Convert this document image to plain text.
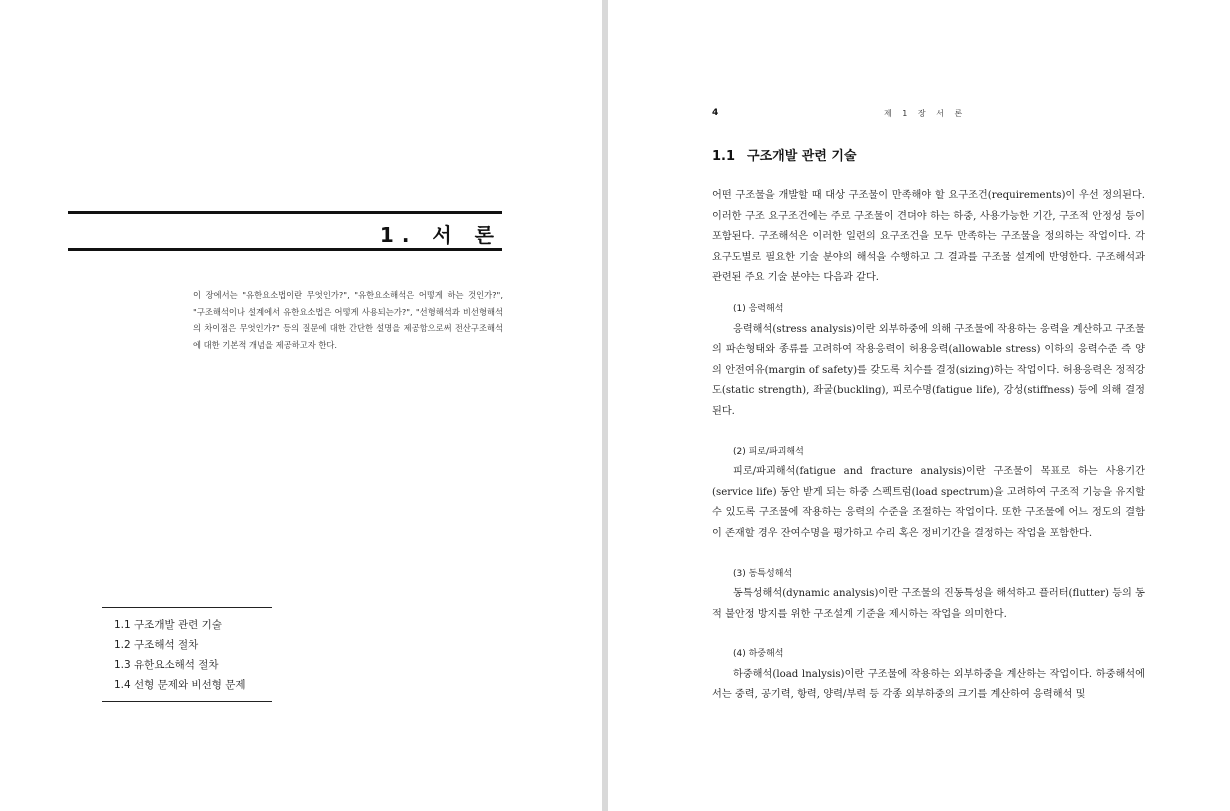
1. 서 론

이 장에서는 "유한요소법이란 무엇인가?", "유한요소해석은 어떻게 하는 것인가?", "구조해석이나 설계에서 유한요소법은 어떻게 사용되는가?", "선형해석과 비선형해석의 차이점은 무엇인가?" 등의 질문에 대한 간단한 설명을 제공함으로써 전산구조해석에 대한 기본적 개념을 제공하고자 한다.

1.1 구조개발 관련 기술
1.2 구조해석 절차
1.3 유한요소해석 절차
1.4 선형 문제와 비선형 문제
4	제 1 장 서 론
1.1 구조개발 관련 기술

어떤 구조물을 개발할 때 대상 구조물이 만족해야 할 요구조건(requirements)이 우선 정의된다. 이러한 구조 요구조건에는 주로 구조물이 견뎌야 하는 하중, 사용가능한 기간, 구조적 안정성 등이 포함된다. 구조해석은 이러한 일련의 요구조건을 모두 만족하는 구조물을 정의하는 작업이다. 각 요구도별로 필요한 기술 분야의 해석을 수행하고 그 결과를 구조물 설계에 반영한다. 구조해석과 관련된 주요 기술 분야는 다음과 같다.

(1) 응력해석

응력해석(stress analysis)이란 외부하중에 의해 구조물에 작용하는 응력을 계산하고 구조물의 파손형태와 종류를 고려하여 작용응력이 허용응력(allowable stress) 이하의 응력수준 즉 양의 안전여유(margin of safety)를 갖도록 치수를 결정(sizing)하는 작업이다. 허용응력은 정적강도(static strength), 좌굴(buckling), 피로수명(fatigue life), 강성(stiffness) 등에 의해 결정된다.

(2) 피로/파괴해석

피로/파괴해석(fatigue and fracture analysis)이란 구조물이 목표로 하는 사용기간(service life) 동안 받게 되는 하중 스펙트럼(load spectrum)을 고려하여 구조적 기능을 유지할 수 있도록 구조물에 작용하는 응력의 수준을 조절하는 작업이다. 또한 구조물에 어느 정도의 결함이 존재할 경우 잔여수명을 평가하고 수리 혹은 정비기간을 결정하는 작업을 포함한다.

(3) 동특성해석

동특성해석(dynamic analysis)이란 구조물의 진동특성을 해석하고 플러터(flutter) 등의 동적 불안정 방지를 위한 구조설계 기준을 제시하는 작업을 의미한다.

(4) 하중해석

하중해석(load lnalysis)이란 구조물에 작용하는 외부하중을 계산하는 작업이다. 하중해석에서는 중력, 공기력, 항력, 양력/부력 등 각종 외부하중의 크기를 계산하여 응력해석 및
